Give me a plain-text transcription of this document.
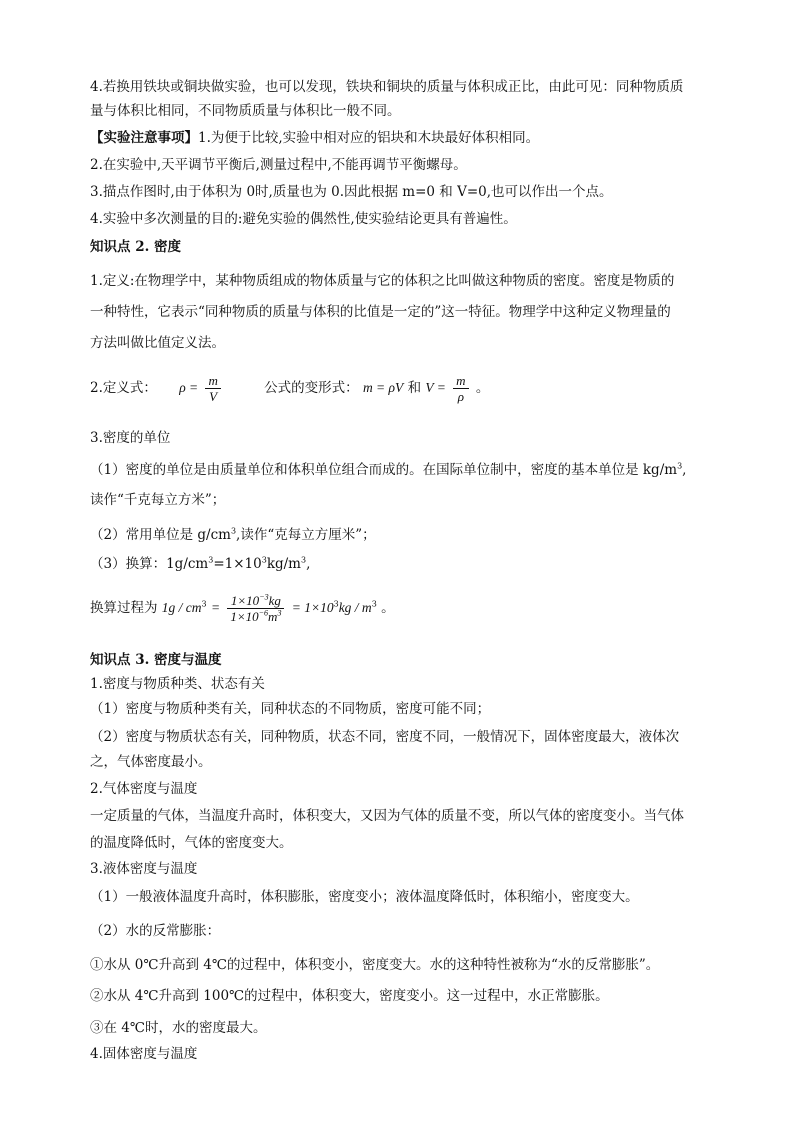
4.若换用铁块或铜块做实验，也可以发现，铁块和铜块的质量与体积成正比，由此可见：同种物质质
量与体积比相同，不同物质质量与体积比一般不同。
【实验注意事项】1.为便于比较,实验中相对应的铝块和木块最好体积相同。
2.在实验中,天平调节平衡后,测量过程中,不能再调节平衡螺母。
3.描点作图时,由于体积为 0时,质量也为 0.因此根据 m=0 和 V=0,也可以作出一个点。
4.实验中多次测量的目的:避免实验的偶然性,使实验结论更具有普遍性。
知识点 2. 密度
1.定义:在物理学中，某种物质组成的物体质量与它的体积之比叫做这种物质的密度。密度是物质的
一种特性，它表示“同种物质的质量与体积的比值是一定的”这一特征。物理学中这种定义物理量的
方法叫做比值定义法。
2.定义式： $\rho = \frac{m}{V}$	公式的变形式： m = ρV 和 $V = \frac{m}{\rho}$ 。
3.密度的单位
（1）密度的单位是由质量单位和体积单位组合而成的。在国际单位制中，密度的基本单位是 $kg/m^3$,
读作“千克每立方米”；
（2）常用单位是 $g/cm^3$,读作“克每立方厘米”；
（3）换算：$1g/cm^3=1\times 10^3kg/m^3$,
换算过程为 $1g / cm^3 = \frac{1\times 10^{-3}kg}{1\times 10^{-6}m^3} = 1\times 10^3kg / m^3$ 。
知识点 3. 密度与温度
1.密度与物质种类、状态有关
（1）密度与物质种类有关，同种状态的不同物质，密度可能不同；
（2）密度与物质状态有关，同种物质，状态不同，密度不同，一般情况下，固体密度最大，液体次
之，气体密度最小。
2.气体密度与温度
一定质量的气体，当温度升高时，体积变大，又因为气体的质量不变，所以气体的密度变小。当气体
的温度降低时，气体的密度变大。
3.液体密度与温度
（1）一般液体温度升高时，体积膨胀，密度变小；液体温度降低时，体积缩小，密度变大。
（2）水的反常膨胀：
①水从 0℃升高到 4℃的过程中，体积变小，密度变大。水的这种特性被称为“水的反常膨胀”。
②水从 4℃升高到 100℃的过程中，体积变大，密度变小。这一过程中，水正常膨胀。
③在 4℃时，水的密度最大。
4.固体密度与温度
